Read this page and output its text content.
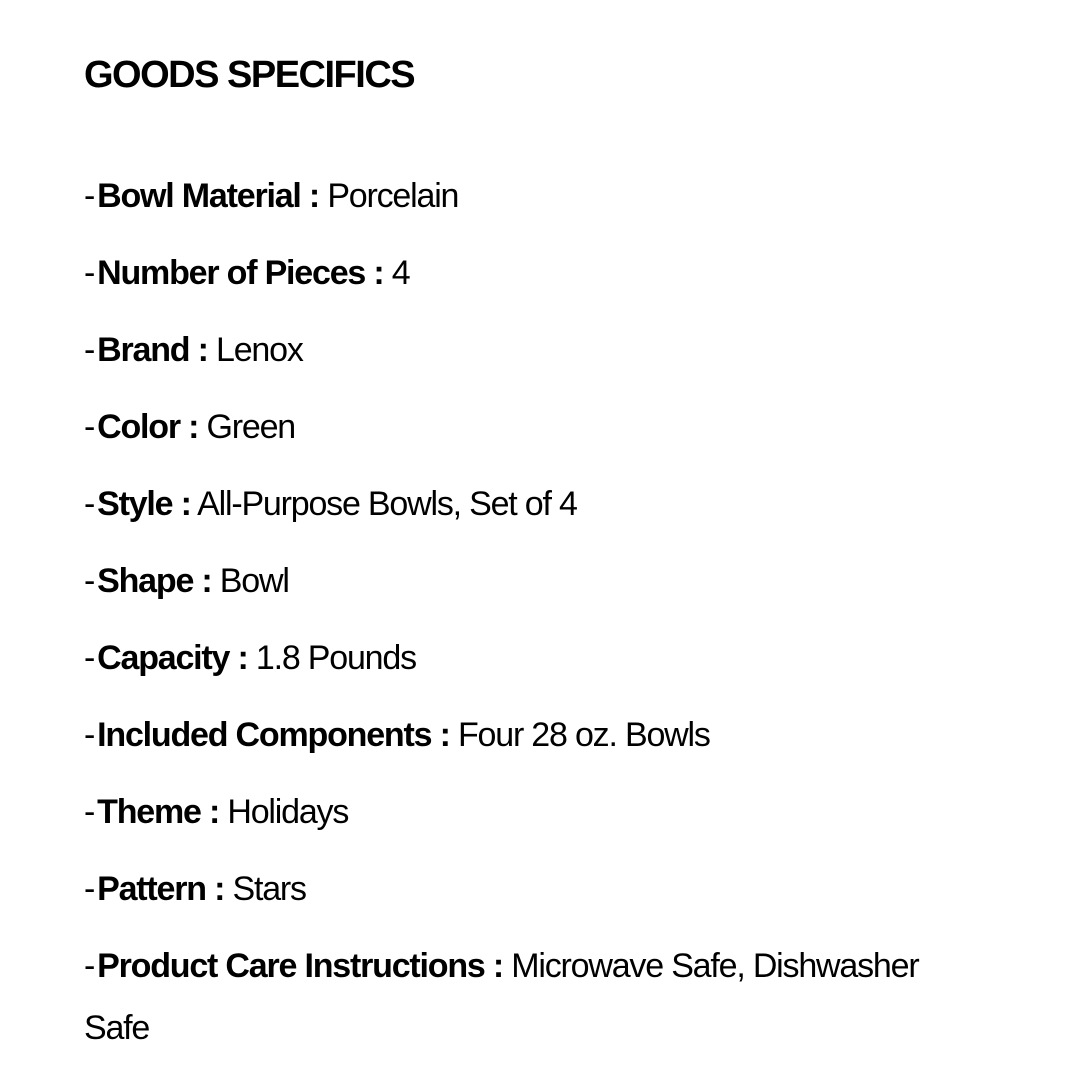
GOODS SPECIFICS
-Bowl Material : Porcelain
-Number of Pieces : 4
-Brand : Lenox
-Color : Green
-Style : All-Purpose Bowls, Set of 4
-Shape : Bowl
-Capacity : 1.8 Pounds
-Included Components : Four 28 oz. Bowls
-Theme : Holidays
-Pattern : Stars
-Product Care Instructions : Microwave Safe, Dishwasher Safe
